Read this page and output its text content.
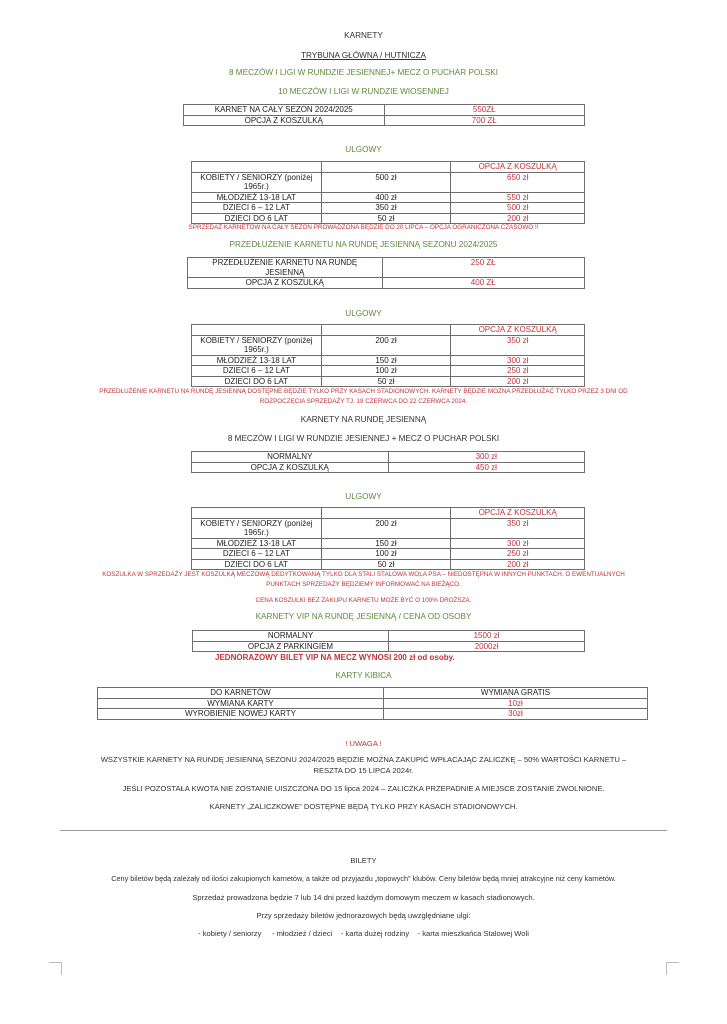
KARNETY
TRYBUNA GŁÓWNA / HUTNICZA
8 MECZÓW I LIGI W RUNDZIE JESIENNEJ+ MECZ O PUCHAR POLSKI
10 MECZÓW I LIGI W RUNDZIE WIOSENNEJ
KARNET NA CAŁY SEZON 2024/2025	550ZŁ
OPCJA Z KOSZULKĄ	700 ZŁ
ULGOWY
		OPCJA Z KOSZULKĄ
KOBIETY / SENIORZY (poniżej
1965r.)	500 zł	650 zł
MŁODZIEŻ 13-18 LAT	400 zł	550 zł
DZIECI 6 – 12 LAT	350 zł	500 zł
DZIECI DO 6 LAT	50 zł	200 zł
SPRZEDAŻ KARNETÓW NA CAŁY SEZON PROWADZONA BĘDZIE DO 20 LIPCA – OPCJA OGRANICZONA CZASOWO !!
PRZEDŁUŻENIE KARNETU NA RUNDĘ JESIENNĄ SEZONU 2024/2025
PRZEDŁUŻENIE KARNETU NA RUNDĘ
JESIENNĄ	250 ZŁ
OPCJA Z KOSZULKĄ	400 ZŁ
ULGOWY
		OPCJA Z KOSZULKĄ
KOBIETY / SENIORZY (poniżej
1965r.)	200 zł	350 zł
MŁODZIEŻ 13-18 LAT	150 zł	300 zł
DZIECI 6 – 12 LAT	100 zł	250 zł
DZIECI DO 6 LAT	50 zł	200 zł
PRZEDŁUŻENIE KARNETU NA RUNDĘ JESIENNĄ DOSTĘPNE BĘDZIE TYLKO PRZY KASACH STADIONOWYCH. KARNETY BĘDZIE MOŻNA PRZEDŁUŻAĆ TYLKO PRZEZ 3 DNI OD
ROZPOCZĘCIA SPRZEDAŻY TJ. 19 CZERWCA DO 22 CZERWCA 2024.
KARNETY NA RUNDĘ JESIENNĄ
8 MECZÓW I LIGI W RUNDZIE JESIENNEJ + MECZ O PUCHAR POLSKI
NORMALNY	300 zł
OPCJA Z KOSZULKĄ	450 zł
ULGOWY
		OPCJA Z KOSZULKĄ
KOBIETY / SENIORZY (poniżej
1965r.)	200 zł	350 zł
MŁODZIEŻ 13-18 LAT	150 zł	300 zł
DZIECI 6 – 12 LAT	100 zł	250 zł
DZIECI DO 6 LAT	50 zł	200 zł
KOSZULKA W SPRZEDAŻY JEST KOSZULKĄ MECZOWĄ DEDYTKOWANĄ TYLKO DLA STALI STALOWA WOLA PSA – NIEDOSTĘPNA W INNYCH PUNKTACH. O EWENTUALNYCH
PUNKTACH SPRZEDAŻY BĘDZIEMY INFORMOWAĆ NA BIEŻĄCO.
CENA KOSZULKI BEZ ZAKUPU KARNETU MOŻE BYĆ O 100% DROŻSZA.
KARNETY VIP NA RUNDĘ JESIENNĄ / CENA OD OSOBY
NORMALNY	1500 zł
OPCJA Z PARKINGIEM	2000zł
JEDNORAZOWY BILET VIP NA MECZ WYNOSI 200 zł od osoby.
KARTY KIBICA
DO KARNETÓW	WYMIANA GRATIS
WYMIANA KARTY	10zł
WYROBIENIE NOWEJ KARTY	30zł
! UWAGA !
WSZYSTKIE KARNETY NA RUNDĘ JESIENNĄ SEZONU 2024/2025 BĘDZIE MOŻNA ZAKUPIĆ WPŁACAJĄC ZALICZKĘ – 50% WARTOŚCI KARNETU –
RESZTA DO 15 LIPCA 2024r.
JEŚLI POZOSTAŁA KWOTA NIE ZOSTANIE UISZCZONA DO 15 lipca 2024 – ZALICZKA PRZEPADNIE A MIEJSCE ZOSTANIE ZWOLNIONE.
KARNETY „ZALICZKOWE” DOSTĘPNE BĘDĄ TYLKO PRZY KASACH STADIONOWYCH.
BILETY
Ceny biletów będą zależały od ilości zakupionych karnetów, a także od przyjazdu „topowych” klubów. Ceny biletów będą mniej atrakcyjne niż ceny karnetów.
Sprzedaż prowadzona będzie 7 lub 14 dni przed każdym domowym meczem w kasach stadionowych.
Przy sprzedaży biletów jednorazowych będą uwzględniane ulgi:
- kobiety / seniorzy - młodzież / dzieci - karta dużej rodziny - karta mieszkańca Stalowej Woli
